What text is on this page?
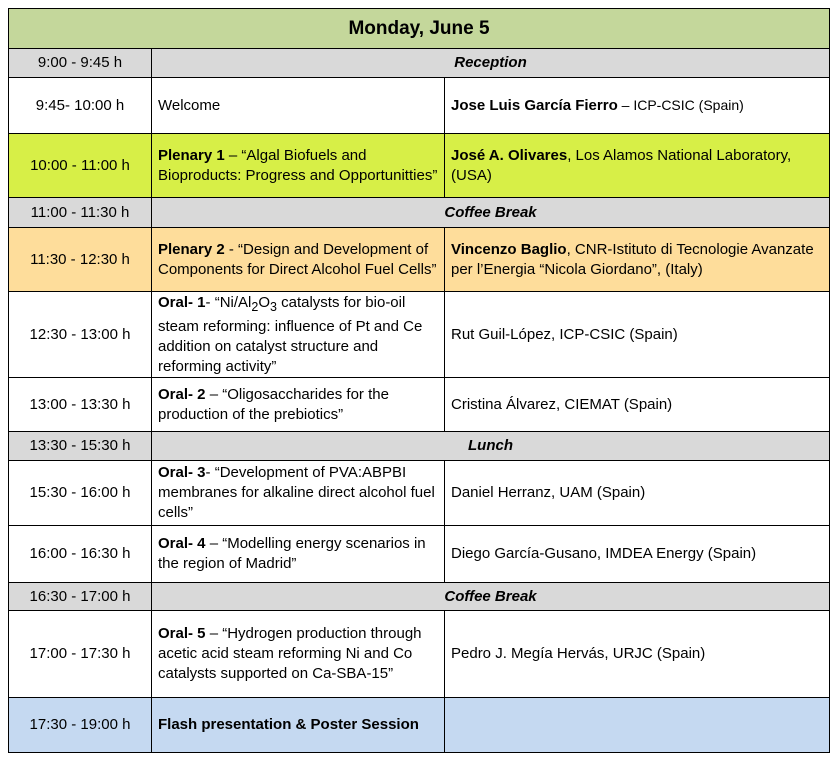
Monday, June 5		
9:00 - 9:45 h	Reception	
9:45- 10:00 h	Welcome	Jose Luis García Fierro – ICP-CSIC (Spain)
10:00 - 11:00 h	Plenary 1 – “Algal Biofuels and Bioproducts: Progress and Opportunitties”	José A. Olivares, Los Alamos National Laboratory, (USA)
11:00 - 11:30 h	Coffee Break	
11:30 - 12:30 h	Plenary 2 - “Design and Development of Components for Direct Alcohol Fuel Cells”	Vincenzo Baglio, CNR-Istituto di Tecnologie Avanzate per l’Energia “Nicola Giordano”, (Italy)
12:30 - 13:00 h	Oral- 1- “$Ni/Al_2O_3$ catalysts for bio-oil steam reforming: influence of Pt and Ce addition on catalyst structure and reforming activity”	Rut Guil-López, ICP-CSIC (Spain)
13:00 - 13:30 h	Oral- 2 – “Oligosaccharides for the production of the prebiotics”	Cristina Álvarez, CIEMAT (Spain)
13:30 - 15:30 h	Lunch	
15:30 - 16:00 h	Oral- 3- “Development of PVA:ABPBI membranes for alkaline direct alcohol fuel cells”	Daniel Herranz, UAM (Spain)
16:00 - 16:30 h	Oral- 4 – “Modelling energy scenarios in the region of Madrid”	Diego García-Gusano, IMDEA Energy (Spain)
16:30 - 17:00 h	Coffee Break	
17:00 - 17:30 h	Oral- 5 – “Hydrogen production through acetic acid steam reforming Ni and Co catalysts supported on Ca-SBA-15”	Pedro J. Megía Hervás, URJC (Spain)
17:30 - 19:00 h	Flash presentation & Poster Session	
